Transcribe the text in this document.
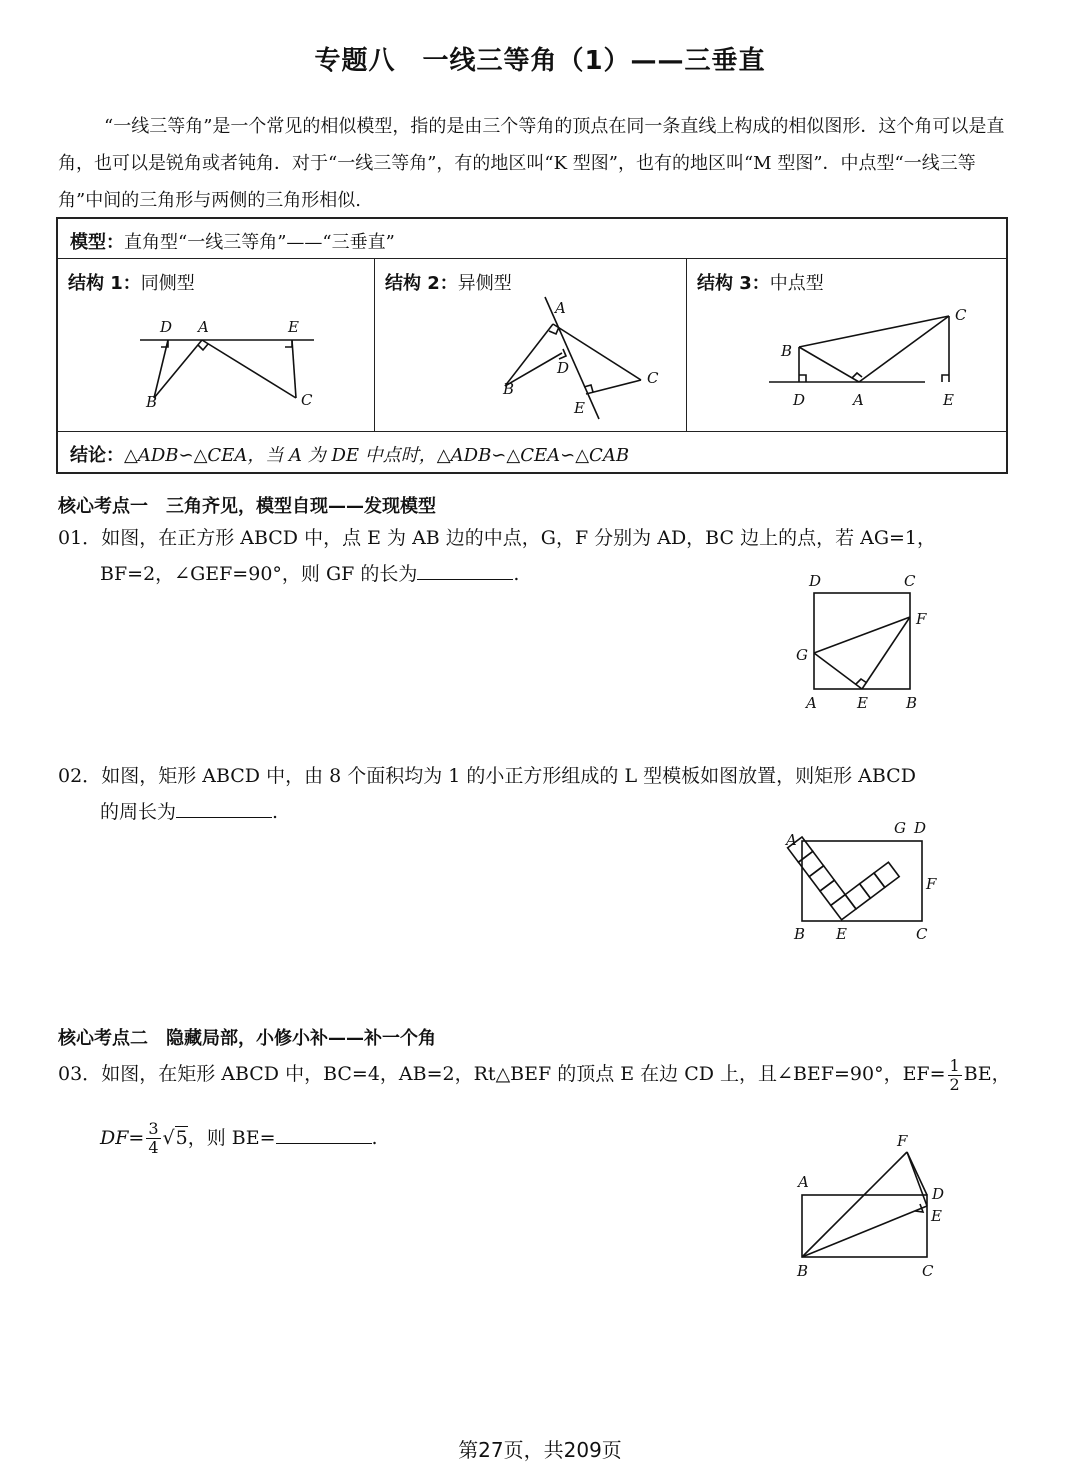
专题八　一线三等角（1）——三垂直

“一线三等角”是一个常见的相似模型，指的是由三个等角的顶点在同一条直线上构成的相似图形．这个角可以是直角，也可以是锐角或者钝角．对于“一线三等角”，有的地区叫“K 型图”，也有的地区叫“M 型图”．中点型“一线三等角”中间的三角形与两侧的三角形相似.

模型：直角型“一线三等角”——“三垂直”
结构 1：同侧型
D A	E
B	C
结构 2：异侧型
A
D
B
C
E
结构 3：中点型
C
B
D	A	E
结论：△ADB∽△CEA，当 A 为 DE 中点时，△ADB∽△CEA∽△CAB
核心考点一　三角齐见，模型自现——发现模型
01．如图，在正方形 ABCD 中，点 E 为 AB 边的中点，G，F 分别为 AD，BC 边上的点，若 AG=1，
BF=2，∠GEF=90°，则 GF 的长为	.	D	C
F
G
A	E	B
02．如图，矩形 ABCD 中，由 8 个面积均为 1 的小正方形组成的 L 型模板如图放置，则矩形 ABCD
的周长为	.
A
G D
F
B E	C
核心考点二　隐藏局部，小修小补——补一个角
03．如图，在矩形 ABCD 中，BC=4，AB=2，Rt△BEF 的顶点 E 在边 CD 上，且∠BEF=90°，$EF= \frac{1}{2}$ BE，
$DF= \frac{3}{4} √5$，则 BE=	.	F
A
D
E
B	C
第27页，共209页
